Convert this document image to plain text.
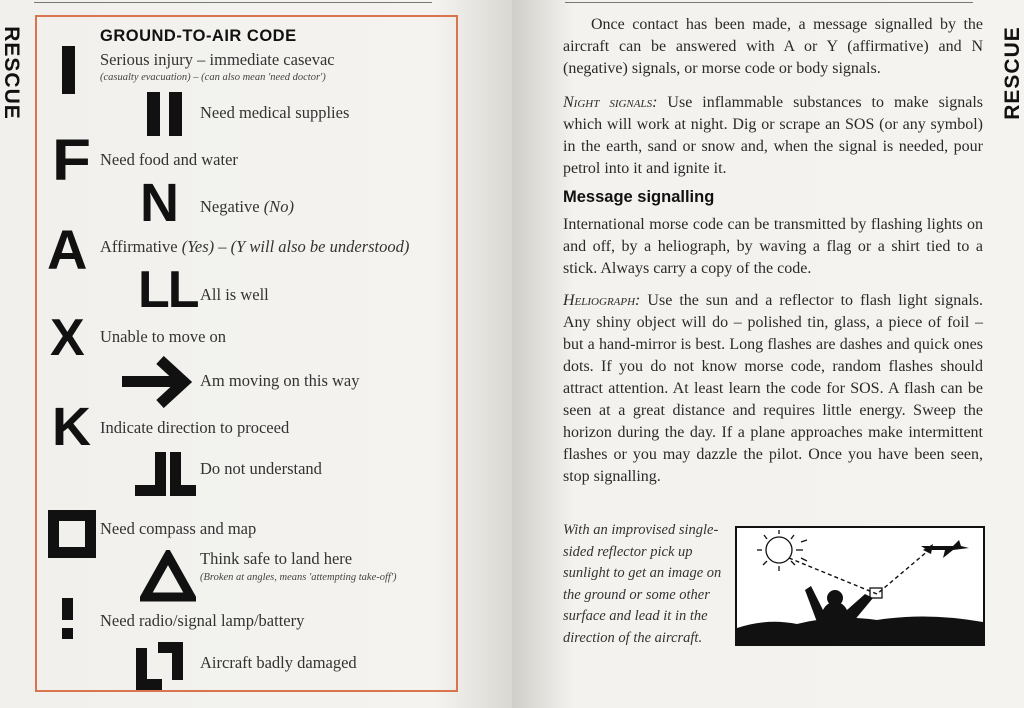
RESCUE	GROUND-TO-AIR CODE
Serious injury – immediate casevac
(casualty evacuation) – (can also mean 'need doctor')
Need medical supplies
F Need food and water
N Negative (No)
A Affirmative (Yes) – (Y will also be understood)
LL All is well
X Unable to move on
Am moving on this way
K Indicate direction to proceed
Do not understand
Need compass and map
Think safe to land here
(Broken at angles, means 'attempting take-off')
Need radio/signal lamp/battery
Aircraft badly damaged
RESCUE

Once contact has been made, a message signalled by the aircraft can be answered with A or Y (affirmative) and N (negative) signals, or morse code or body signals.

Night signals: Use inflammable substances to make signals which will work at night. Dig or scrape an SOS (or any symbol) in the earth, sand or snow and, when the signal is needed, pour petrol into it and ignite it.

Message signalling

International morse code can be transmitted by flashing lights on and off, by a heliograph, by waving a flag or a shirt tied to a stick. Always carry a copy of the code.

Heliograph: Use the sun and a reflector to flash light signals. Any shiny object will do – polished tin, glass, a piece of foil – but a hand-mirror is best. Long flashes are dashes and quick ones dots. If you do not know morse code, random flashes should attract attention. At least learn the code for SOS. A flash can be seen at a great distance and requires little energy. Sweep the horizon during the day. If a plane approaches make intermittent flashes or you may dazzle the pilot. Once you have been seen, stop signalling.

With an improvised single-sided reflector pick up sunlight to get an image on the ground or some other surface and lead it in the direction of the aircraft.
